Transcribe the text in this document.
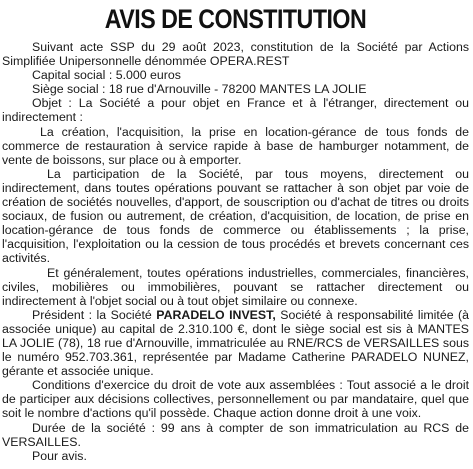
AVIS DE CONSTITUTION

Suivant acte SSP du 29 août 2023, constitution de la Société par Actions Simplifiée Unipersonnelle dénommée OPERA.REST

Capital social : 5.000 euros

Siège social : 18 rue d'Arnouville - 78200 MANTES LA JOLIE

Objet : La Société a pour objet en France et à l'étranger, directement ou indirectement :

La création, l'acquisition, la prise en location-gérance de tous fonds de commerce de restauration à service rapide à base de hamburger notamment, de vente de boissons, sur place ou à emporter.

La participation de la Société, par tous moyens, directement ou indirectement, dans toutes opérations pouvant se rattacher à son objet par voie de création de sociétés nouvelles, d'apport, de souscription ou d'achat de titres ou droits sociaux, de fusion ou autrement, de création, d'acquisition, de location, de prise en location-gérance de tous fonds de commerce ou établissements ; la prise, l'acquisition, l'exploitation ou la cession de tous procédés et brevets concernant ces activités.

Et généralement, toutes opérations industrielles, commerciales, financières, civiles, mobilières ou immobilières, pouvant se rattacher directement ou indirectement à l'objet social ou à tout objet similaire ou connexe.

Président : la Société PARADELO INVEST, Société à responsabilité limitée (à associée unique) au capital de 2.310.100 €, dont le siège social est sis à MANTES LA JOLIE (78), 18 rue d'Arnouville, immatriculée au RNE/RCS de VERSAILLES sous le numéro 952.703.361, représentée par Madame Catherine PARADELO NUNEZ, gérante et associée unique.

Conditions d'exercice du droit de vote aux assemblées : Tout associé a le droit de participer aux décisions collectives, personnellement ou par mandataire, quel que soit le nombre d'actions qu'il possède. Chaque action donne droit à une voix.

Durée de la société : 99 ans à compter de son immatriculation au RCS de VERSAILLES.

Pour avis.
